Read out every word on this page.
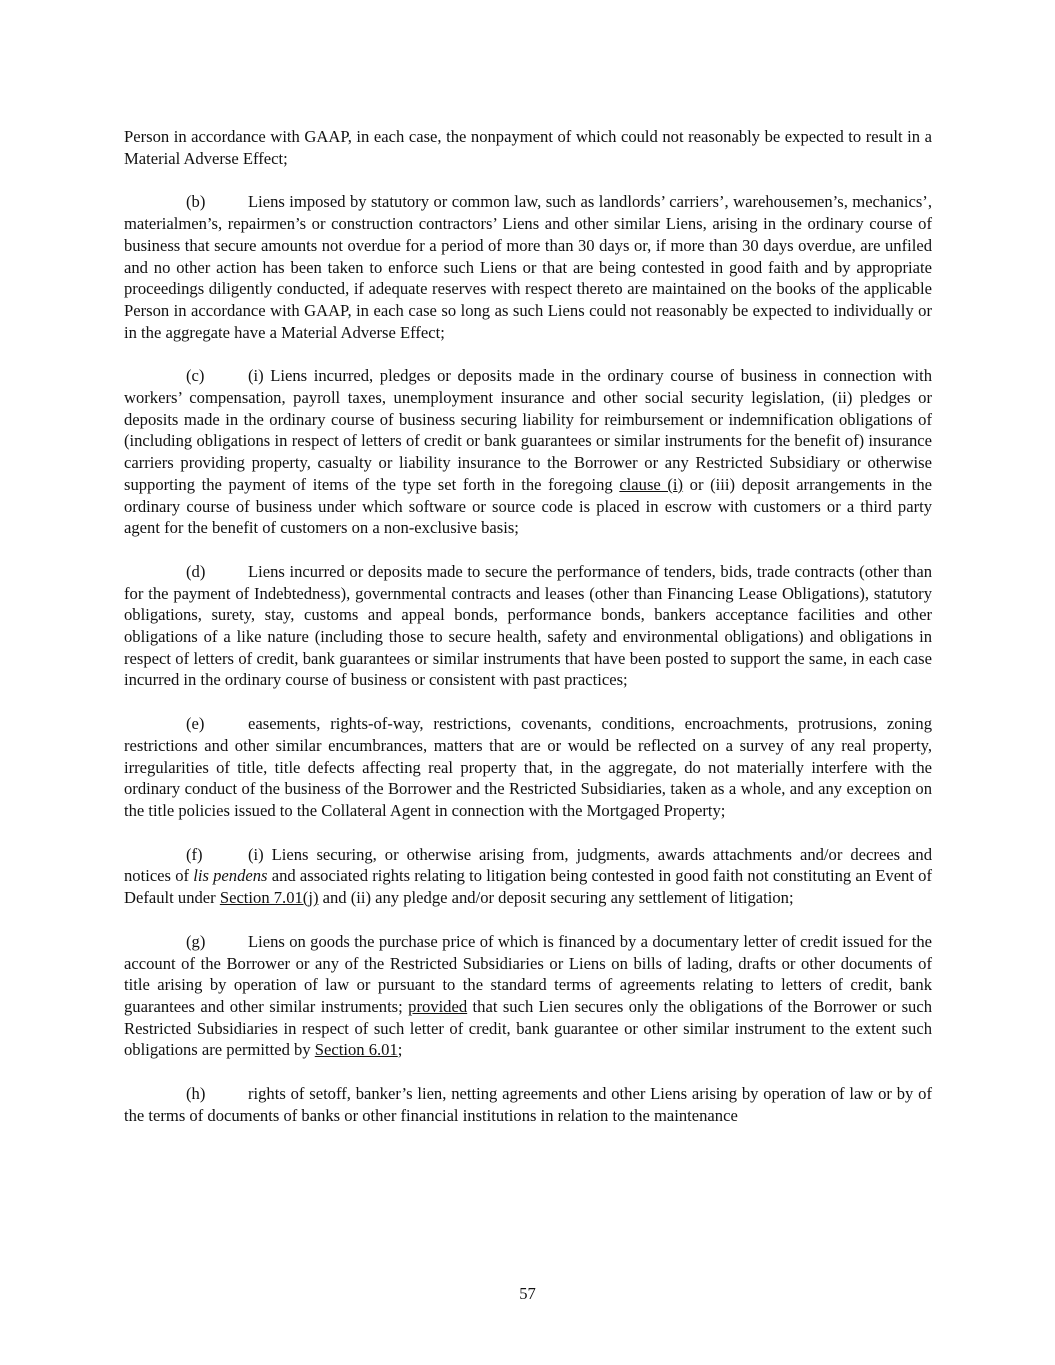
Person in accordance with GAAP, in each case, the nonpayment of which could not reasonably be expected to result in a Material Adverse Effect;

(b)	Liens imposed by statutory or common law, such as landlords’ carriers’, warehousemen’s, mechanics’, materialmen’s, repairmen’s or construction contractors’ Liens and other similar Liens, arising in the ordinary course of business that secure amounts not overdue for a period of more than 30 days or, if more than 30 days overdue, are unfiled and no other action has been taken to enforce such Liens or that are being contested in good faith and by appropriate proceedings diligently conducted, if adequate reserves with respect thereto are maintained on the books of the applicable Person in accordance with GAAP, in each case so long as such Liens could not reasonably be expected to individually or in the aggregate have a Material Adverse Effect;

(c)	(i) Liens incurred, pledges or deposits made in the ordinary course of business in connection with workers’ compensation, payroll taxes, unemployment insurance and other social security legislation, (ii) pledges or deposits made in the ordinary course of business securing liability for reimbursement or indemnification obligations of (including obligations in respect of letters of credit or bank guarantees or similar instruments for the benefit of) insurance carriers providing property, casualty or liability insurance to the Borrower or any Restricted Subsidiary or otherwise supporting the payment of items of the type set forth in the foregoing clause (i) or (iii) deposit arrangements in the ordinary course of business under which software or source code is placed in escrow with customers or a third party agent for the benefit of customers on a non-exclusive basis;

(d)	Liens incurred or deposits made to secure the performance of tenders, bids, trade contracts (other than for the payment of Indebtedness), governmental contracts and leases (other than Financing Lease Obligations), statutory obligations, surety, stay, customs and appeal bonds, performance bonds, bankers acceptance facilities and other obligations of a like nature (including those to secure health, safety and environmental obligations) and obligations in respect of letters of credit, bank guarantees or similar instruments that have been posted to support the same, in each case incurred in the ordinary course of business or consistent with past practices;

(e)	easements, rights-of-way, restrictions, covenants, conditions, encroachments, protrusions, zoning restrictions and other similar encumbrances, matters that are or would be reflected on a survey of any real property, irregularities of title, title defects affecting real property that, in the aggregate, do not materially interfere with the ordinary conduct of the business of the Borrower and the Restricted Subsidiaries, taken as a whole, and any exception on the title policies issued to the Collateral Agent in connection with the Mortgaged Property;

(f)	(i) Liens securing, or otherwise arising from, judgments, awards attachments and/or decrees and notices of lis pendens and associated rights relating to litigation being contested in good faith not constituting an Event of Default under Section 7.01(j) and (ii) any pledge and/or deposit securing any settlement of litigation;

(g)	Liens on goods the purchase price of which is financed by a documentary letter of credit issued for the account of the Borrower or any of the Restricted Subsidiaries or Liens on bills of lading, drafts or other documents of title arising by operation of law or pursuant to the standard terms of agreements relating to letters of credit, bank guarantees and other similar instruments; provided that such Lien secures only the obligations of the Borrower or such Restricted Subsidiaries in respect of such letter of credit, bank guarantee or other similar instrument to the extent such obligations are permitted by Section 6.01;

(h)	rights of setoff, banker’s lien, netting agreements and other Liens arising by operation of law or by of the terms of documents of banks or other financial institutions in relation to the maintenance

57
